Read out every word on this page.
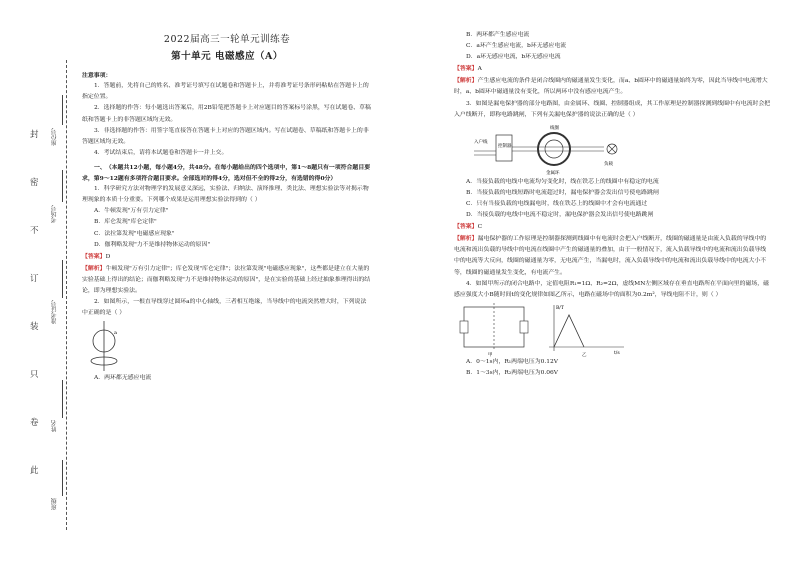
封
密
不
订
装
只
卷
此
准考证号
考场号
座位号
姓名
班级
2022届高三一轮单元训练卷
第十单元 电磁感应（A）

注意事项：

1．答题前，先将自己的姓名、准考证号填写在试题卷和答题卡上，并将准考证号条形码粘贴在答题卡上的指定位置。

2．选择题的作答：每小题选出答案后，用2B铅笔把答题卡上对应题目的答案标号涂黑，写在试题卷、草稿纸和答题卡上的非答题区域均无效。

3．非选择题的作答：用签字笔直接答在答题卡上对应的答题区域内。写在试题卷、草稿纸和答题卡上的非答题区域均无效。

4．考试结束后，请将本试题卷和答题卡一并上交。

一、（本题共12小题，每小题4分，共48分。在每小题给出的四个选项中，第1～8题只有一项符合题目要求，第9～12题有多项符合题目要求。全部选对的得4分，选对但不全的得2分，有选错的得0分）

1．科学研究方法对物理学的发展意义深远，实验法、归纳法、演绎推理、类比法、理想实验法等对揭示物理现象的本质十分重要。下列哪个成果是运用理想实验法得到的（ ）

A．牛顿发现"万有引力定律"

B．库仑发现"库仑定律"

C．法拉第发现"电磁感应现象"

D．伽利略发现"力不是维持物体运动的原因"

【答案】D

【解析】牛顿发现"万有引力定律"；库仑发现"库仑定律"；法拉第发现"电磁感应现象"，这些都是建立在大量的实验基础上得出的结论；而伽利略发现"力不是维持物体运动的原因"，是在实验的基础上经过抽象推理得出的结论，即为理想实验法。

2．如图所示，一根直导线穿过圆环a的中心轴线，三者相互绝缘，当导线中的电流突然增大时，下列说法中正确的是（ ）

a

A．两环都无感应电流

B．两环都产生感应电流

C．a环产生感应电流，b环无感应电流

D．a环无感应电流，b环无感应电流

【答案】A

【解析】产生感应电流的条件是闭合线圈内的磁通量发生变化，而a、b圆环中的磁通量始终为零，因此当导线中电流增大时，a、b圆环中磁通量没有变化，所以两环中没有感应电流产生。

3．如图是漏电保护器的部分电路图，由金属环、线圈、控制器组成，其工作原理是控制器探测到线圈中有电流时会把入户线断开，即称电路跳闸，下列有关漏电保护器的说法正确的是（ ）

控制器
入户线
线圈
金属环
负载

A．当接负载的电线中电流均匀变化时，线在铁芯上的线圈中有稳定的电流

B．当接负载的电线短路时电流超过时，漏电保护器会发出信号使电路跳闸

C．只有当接负载的电线漏电时，线在铁芯上的线圈中才会有电流通过

D．当接负载的电线中电流不稳定时，漏电保护器会发出信号使电路跳闸

【答案】C

【解析】漏电保护器的工作原理是控制器探测到线圈中有电流时会把入户线断开，线圈的磁通量是由流入负载的导线中的电流和流出负载的导线中的电流在线圈中产生的磁通量的叠加，由于一般情况下，流入负载导线中的电流和流出负载导线中的电流等大反向，线圈的磁通量为零，无电流产生，当漏电时，流入负载导线中的电流和流出负载导线中的电流大小不等，线圈的磁通量发生变化，有电流产生。

4．如图甲所示的闭合电路中，定值电阻R₁=1Ω、R₂=2Ω，虚线MN左侧区域存在垂直电路所在平面向里的磁场，磁感应强度大小B随时间t的变化规律如图乙所示，电路在磁场中的面积为0.2m²，导线电阻不计，则（ ）

甲
B/T
t/s
乙

A．0～1s内，R₁两端电压为0.12V

B．1～3s内，R₂两端电压为0.06V
